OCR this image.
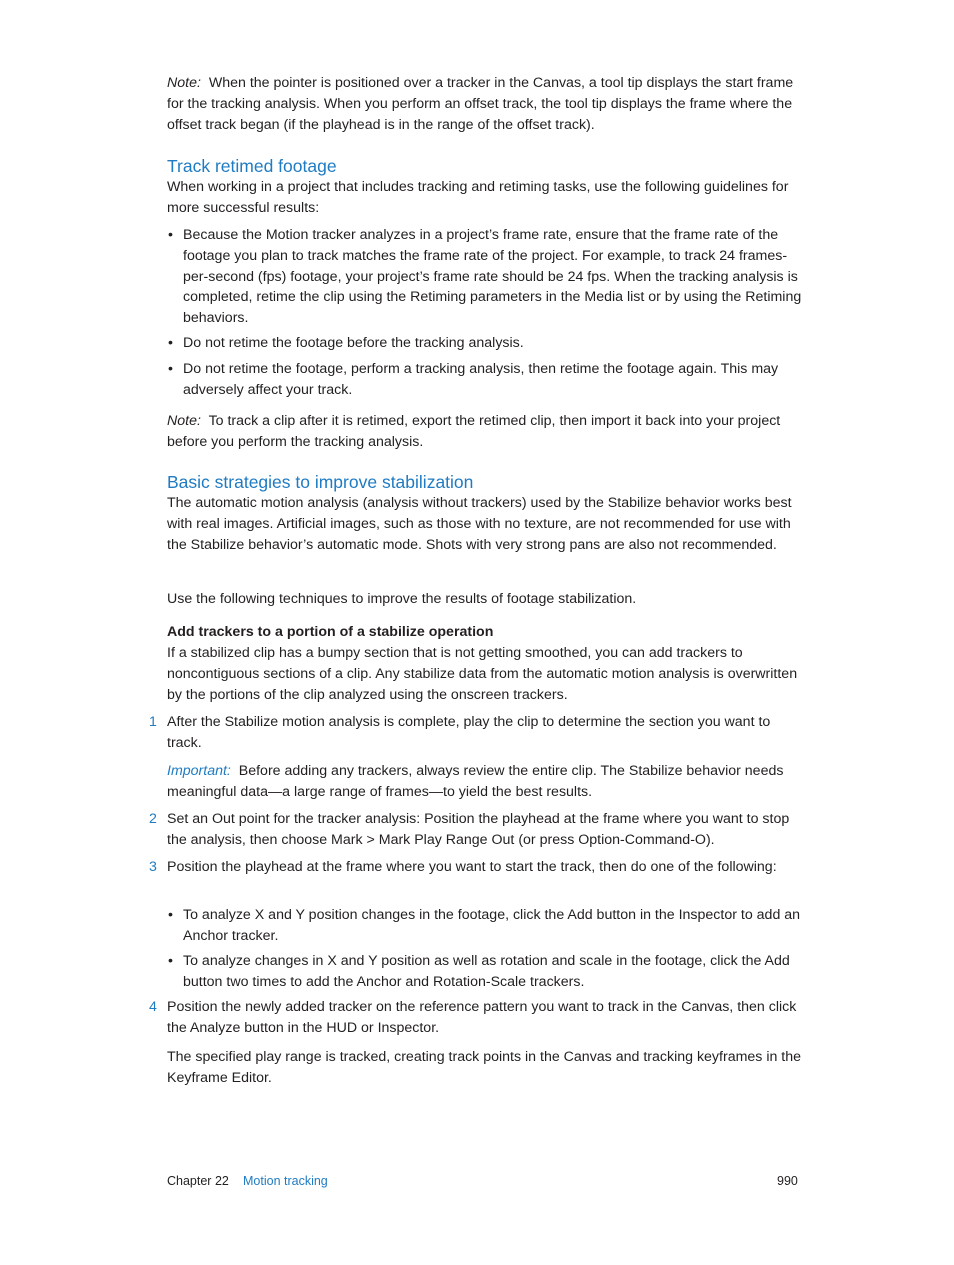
Note: When the pointer is positioned over a tracker in the Canvas, a tool tip displays the start frame for the tracking analysis. When you perform an offset track, the tool tip displays the frame where the offset track began (if the playhead is in the range of the offset track).

Track retimed footage

When working in a project that includes tracking and retiming tasks, use the following guidelines for more successful results:

• Because the Motion tracker analyzes in a project’s frame rate, ensure that the frame rate of the footage you plan to track matches the frame rate of the project. For example, to track 24 frames-per-second (fps) footage, your project’s frame rate should be 24 fps. When the tracking analysis is completed, retime the clip using the Retiming parameters in the Media list or by using the Retiming behaviors.

• Do not retime the footage before the tracking analysis.

• Do not retime the footage, perform a tracking analysis, then retime the footage again. This may adversely affect your track.

Note: To track a clip after it is retimed, export the retimed clip, then import it back into your project before you perform the tracking analysis.

Basic strategies to improve stabilization

The automatic motion analysis (analysis without trackers) used by the Stabilize behavior works best with real images. Artificial images, such as those with no texture, are not recommended for use with the Stabilize behavior’s automatic mode. Shots with very strong pans are also not recommended.

Use the following techniques to improve the results of footage stabilization.

Add trackers to a portion of a stabilize operation

If a stabilized clip has a bumpy section that is not getting smoothed, you can add trackers to noncontiguous sections of a clip. Any stabilize data from the automatic motion analysis is overwritten by the portions of the clip analyzed using the onscreen trackers.

1 After the Stabilize motion analysis is complete, play the clip to determine the section you want to track.

Important: Before adding any trackers, always review the entire clip. The Stabilize behavior needs meaningful data—a large range of frames—to yield the best results.

2 Set an Out point for the tracker analysis: Position the playhead at the frame where you want to stop the analysis, then choose Mark > Mark Play Range Out (or press Option-Command-O).

3 Position the playhead at the frame where you want to start the track, then do one of the following:

• To analyze X and Y position changes in the footage, click the Add button in the Inspector to add an Anchor tracker.

• To analyze changes in X and Y position as well as rotation and scale in the footage, click the Add button two times to add the Anchor and Rotation-Scale trackers.

4 Position the newly added tracker on the reference pattern you want to track in the Canvas, then click the Analyze button in the HUD or Inspector.

The specified play range is tracked, creating track points in the Canvas and tracking keyframes in the Keyframe Editor.

Chapter 22 Motion tracking	990
